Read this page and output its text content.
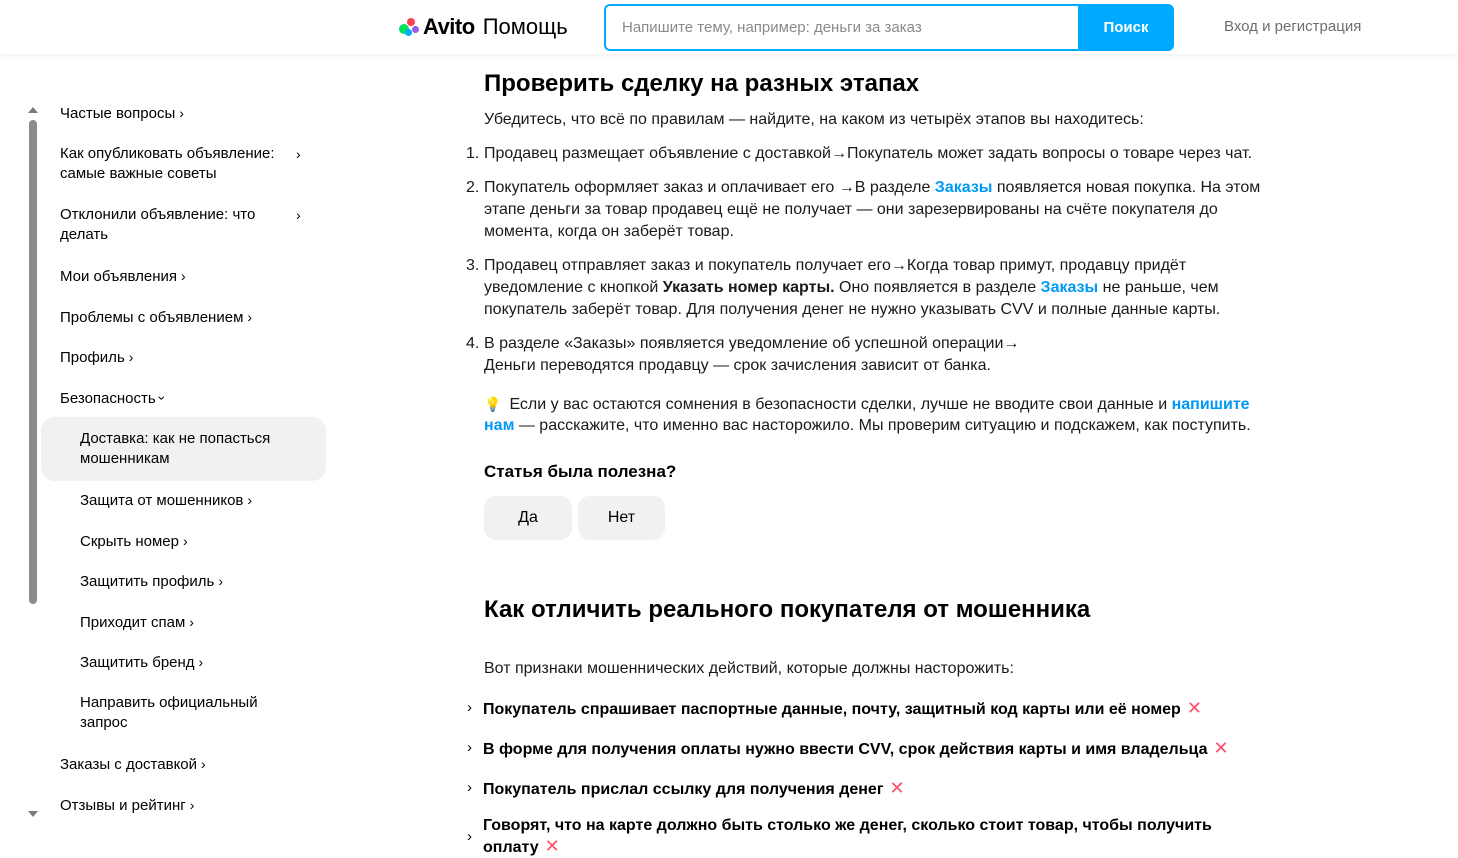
Avito Помощь
Напишите тему, например: деньги за заказ	Поиск	Вход и регистрация
Частые вопросы ›
Как опубликовать объявление: самые важные советы
›
Отклонили объявление: что делать
›
Мои объявления ›
Проблемы с объявлением ›
Профиль ›
Безопасность›
Доставка: как не попасться мошенникам
Защита от мошенников ›
Скрыть номер ›
Защитить профиль ›
Приходит спам ›
Защитить бренд ›
Направить официальный запрос
Заказы с доставкой ›
Отзывы и рейтинг ›
Проверить сделку на разных этапах
Убедитесь, что всё по правилам — найдите, на каком из четырёх этапов вы находитесь:
1. Продавец размещает объявление с доставкой→Покупатель может задать вопросы о товаре через чат.
2. Покупатель оформляет заказ и оплачивает его →В разделе Заказы появляется новая покупка. На этом
этапе деньги за товар продавец ещё не получает — они зарезервированы на счёте покупателя до
момента, когда он заберёт товар.
3. Продавец отправляет заказ и покупатель получает его→Когда товар примут, продавцу придёт
уведомление с кнопкой Указать номер карты. Оно появляется в разделе Заказы не раньше, чем
покупатель заберёт товар. Для получения денег не нужно указывать CVV и полные данные карты.
4. В разделе «Заказы» появляется уведомление об успешной операции→
Деньги переводятся продавцу — срок зачисления зависит от банка.
💡 Если у вас остаются сомнения в безопасности сделки, лучше не вводите свои данные и напишите
нам — расскажите, что именно вас насторожило. Мы проверим ситуацию и подскажем, как поступить.
Статья была полезна?
Да	Нет
Как отличить реального покупателя от мошенника
Вот признаки мошеннических действий, которые должны насторожить:
› Покупатель спрашивает паспортные данные, почту, защитный код карты или её номер ✕
› В форме для получения оплаты нужно ввести CVV, срок действия карты и имя владельца ✕
› Покупатель прислал ссылку для получения денег ✕
›
Говорят, что на карте должно быть столько же денег, сколько стоит товар, чтобы получить
оплату ✕
